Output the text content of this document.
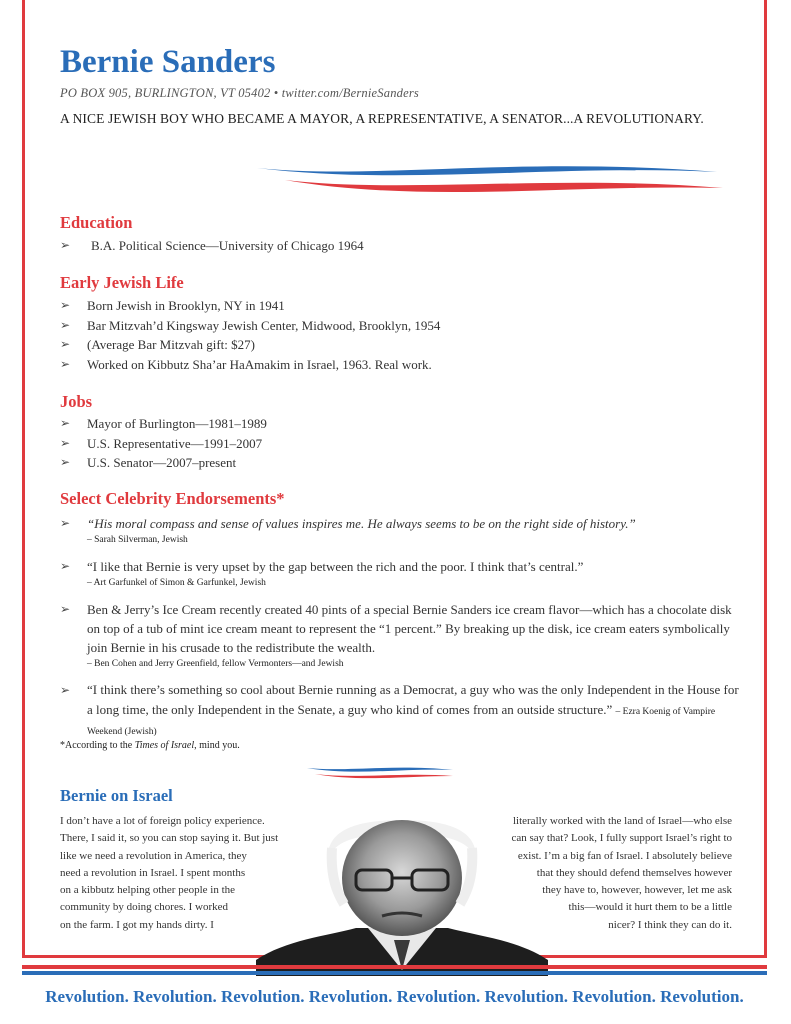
Bernie Sanders
PO BOX 905, BURLINGTON, VT 05402 • twitter.com/BernieSanders
A NICE JEWISH BOY WHO BECAME A MAYOR, A REPRESENTATIVE, A SENATOR...A REVOLUTIONARY.
Education
➢ B.A. Political Science—University of Chicago 1964
Early Jewish Life
➢ Born Jewish in Brooklyn, NY in 1941
➢ Bar Mitzvah’d Kingsway Jewish Center, Midwood, Brooklyn, 1954
➢ (Average Bar Mitzvah gift: $27)
➢ Worked on Kibbutz Sha’ar HaAmakim in Israel, 1963. Real work.
Jobs
➢ Mayor of Burlington—1981–1989
➢ U.S. Representative—1991–2007
➢ U.S. Senator—2007–present
Select Celebrity Endorsements*
➢ “His moral compass and sense of values inspires me. He always seems to be on the right side of history.”
– Sarah Silverman, Jewish
➢ “I like that Bernie is very upset by the gap between the rich and the poor. I think that’s central.”
– Art Garfunkel of Simon & Garfunkel, Jewish
➢ Ben & Jerry’s Ice Cream recently created 40 pints of a special Bernie Sanders ice cream flavor—which has a chocolate disk on top of a tub of mint ice cream meant to represent the “1 percent.” By breaking up the disk, ice cream eaters symbolically join Bernie in his crusade to the redistribute the wealth.
– Ben Cohen and Jerry Greenfield, fellow Vermonters—and Jewish
➢ “I think there’s something so cool about Bernie running as a Democrat, a guy who was the only Independent in the House for a long time, the only Independent in the Senate, a guy who kind of comes from an outside structure.” – Ezra Koenig of Vampire Weekend (Jewish)
*According to the Times of Israel, mind you.
Bernie on Israel
I don’t have a lot of foreign policy experience.
There, I said it, so you can stop saying it. But just
like we need a revolution in America, they
need a revolution in Israel. I spent months
on a kibbutz helping other people in the
community by doing chores. I worked
on the farm. I got my hands dirty. I
literally worked with the land of Israel—who else
can say that? Look, I fully support Israel’s right to
exist. I’m a big fan of Israel. I absolutely believe
that they should defend themselves however
they have to, however, however, let me ask
this—would it hurt them to be a little
nicer? I think they can do it.
Revolution. Revolution. Revolution. Revolution. Revolution. Revolution. Revolution. Revolution.
